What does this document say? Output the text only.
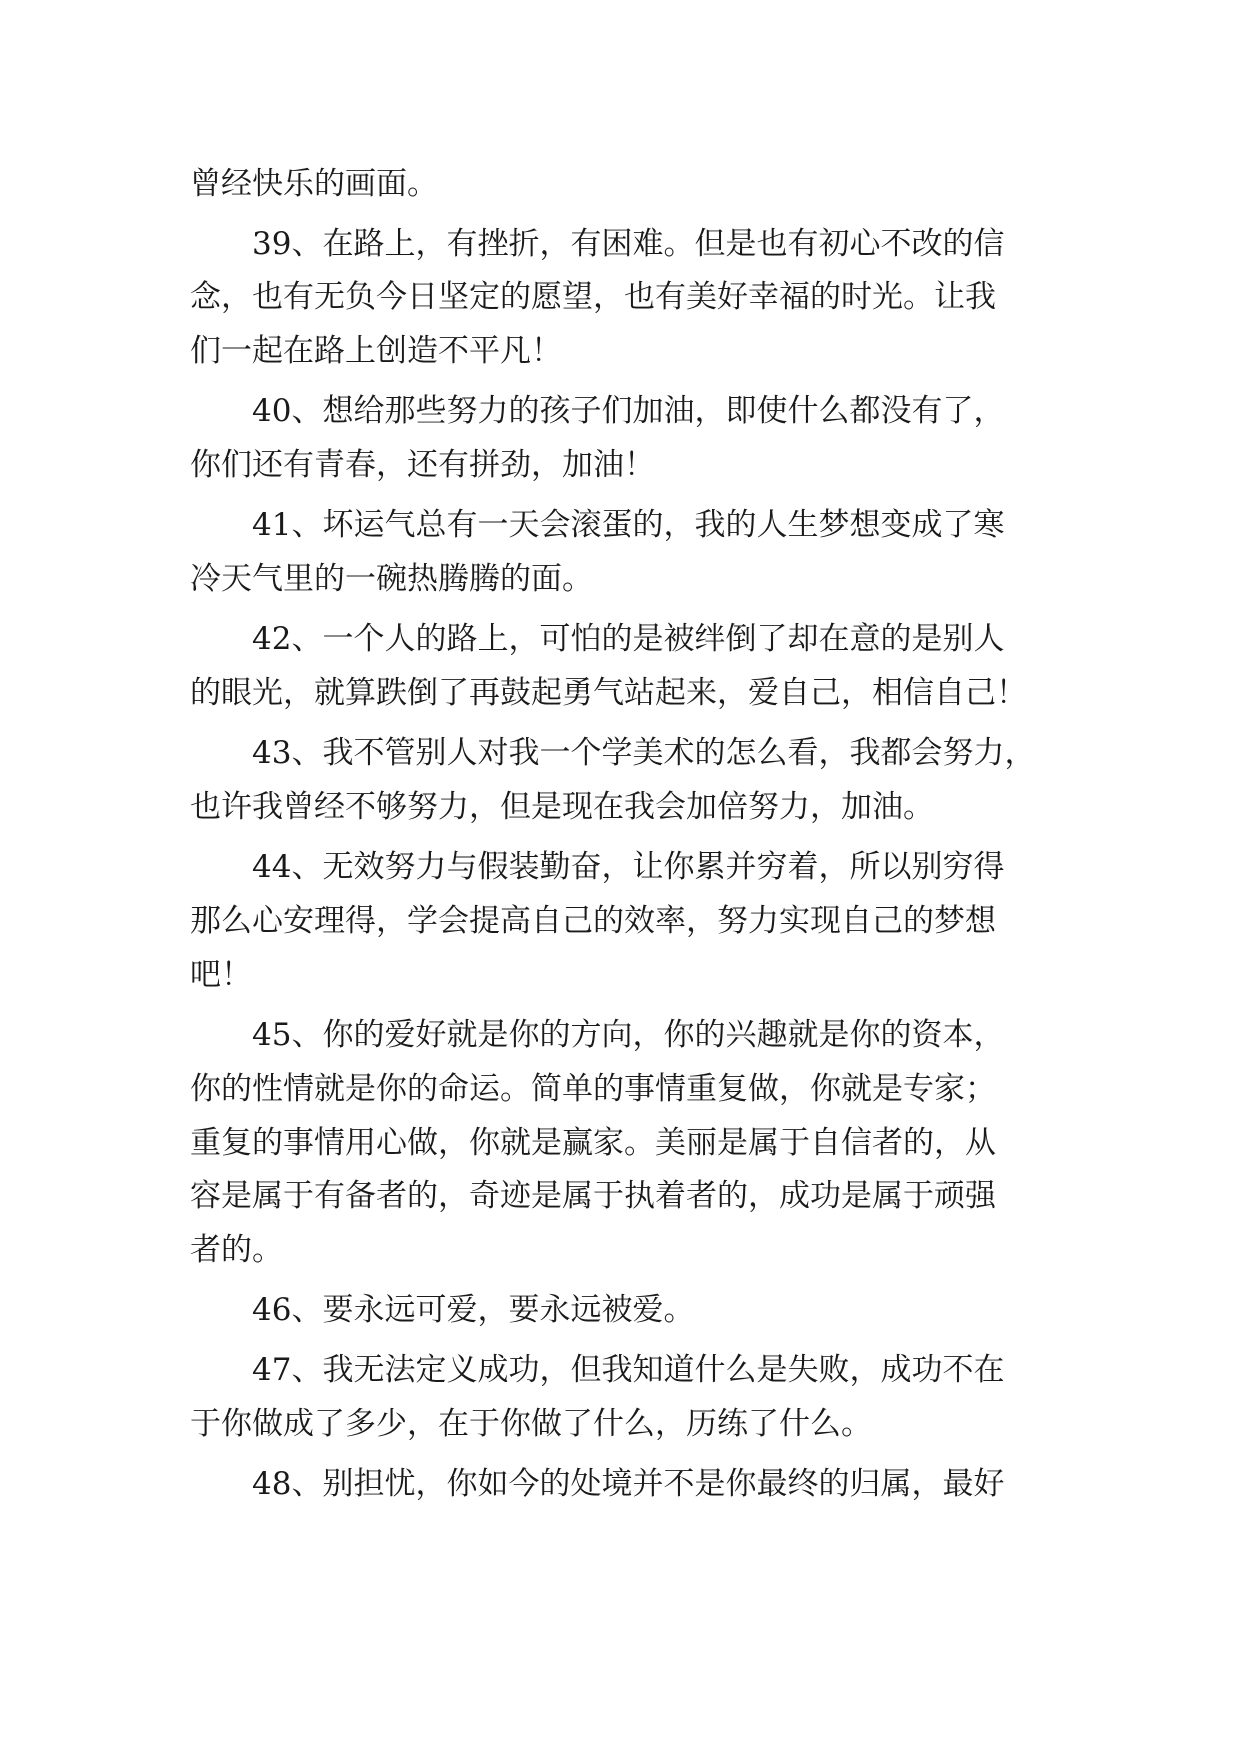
曾经快乐的画面。
39、在路上，有挫折，有困难。但是也有初心不改的信
念，也有无负今日坚定的愿望，也有美好幸福的时光。让我
们一起在路上创造不平凡！
40、想给那些努力的孩子们加油，即使什么都没有了，
你们还有青春，还有拼劲，加油！
41、坏运气总有一天会滚蛋的，我的人生梦想变成了寒
冷天气里的一碗热腾腾的面。
42、一个人的路上，可怕的是被绊倒了却在意的是别人
的眼光，就算跌倒了再鼓起勇气站起来，爱自己，相信自己！
43、我不管别人对我一个学美术的怎么看，我都会努力，
也许我曾经不够努力，但是现在我会加倍努力，加油。
44、无效努力与假装勤奋，让你累并穷着，所以别穷得
那么心安理得，学会提高自己的效率，努力实现自己的梦想
吧！
45、你的爱好就是你的方向，你的兴趣就是你的资本，
你的性情就是你的命运。简单的事情重复做，你就是专家；
重复的事情用心做，你就是赢家。美丽是属于自信者的，从
容是属于有备者的，奇迹是属于执着者的，成功是属于顽强
者的。
46、要永远可爱，要永远被爱。
47、我无法定义成功，但我知道什么是失败，成功不在
于你做成了多少，在于你做了什么，历练了什么。
48、别担忧，你如今的处境并不是你最终的归属，最好
